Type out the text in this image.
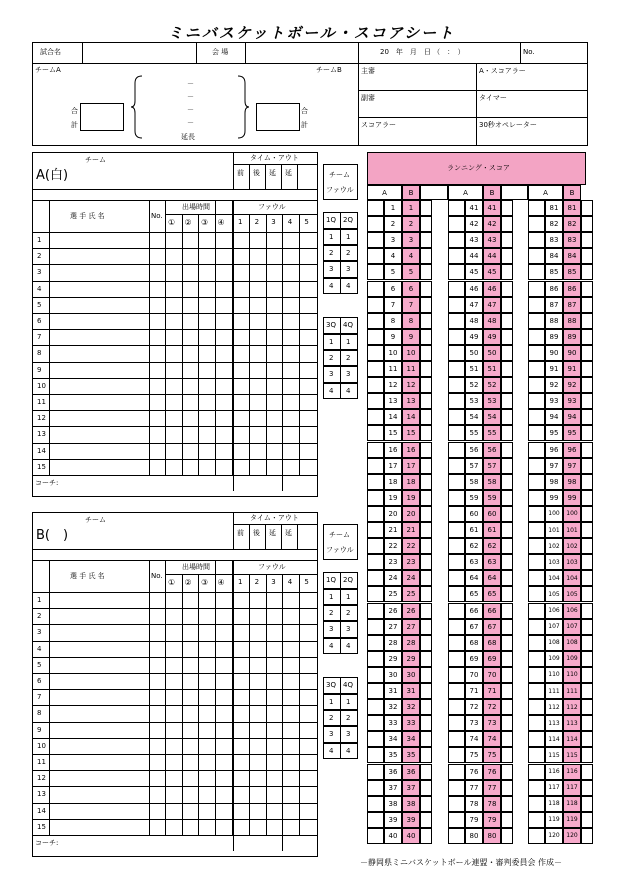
ミニバスケットボール・スコアシート
試合名	会 場	20　年　月　日 （　：　）	No.
チームA	チームB
合
計
合
計
－
－
－
－
延長
主審
副審
スコアラー
A・スコアラー
タイマー
30秒オペレーター
チーム
A(白)
タイム・アウト
前 後 延 延
選 手 氏 名	No.
出場時間	ファウル
① ② ③ ④ 1 2 3 4 5
1
2
3
4
5
6
7
8
9
10
11
12
13
14
15
コーチ:
チーム
B(　)
タイム・アウト
前 後 延 延
選 手 氏 名	No.
出場時間	ファウル
① ② ③ ④ 1 2 3 4 5
1
2
3
4
5
6
7
8
9
10
11
12
13
14
15
コーチ:
チーム
ファウル
1Q 2Q
1 1
2 2
3 3
4 4
3Q 4Q
1 1
2 2
3 3
4 4
チーム
ファウル
1Q 2Q
1 1
2 2
3 3
4 4
3Q 4Q
1 1
2 2
3 3
4 4
ランニング・スコア
A	B
1	1
2	2
3	3
4	4
5	5
6	6
7	7
8	8
9	9
10	10
11	11
12	12
13	13
14	14
15	15
16	16
17	17
18	18
19	19
20	20
21	21
22	22
23	23
24	24
25	25
26	26
27	27
28	28
29	29
30	30
31	31
32	32
33	33
34	34
35	35
36	36
37	37
38	38
39	39
40	40
A	B
41	41
42	42
43	43
44	44
45	45
46	46
47	47
48	48
49	49
50	50
51	51
52	52
53	53
54	54
55	55
56	56
57	57
58	58
59	59
60	60
61	61
62	62
63	63
64	64
65	65
66	66
67	67
68	68
69	69
70	70
71	71
72	72
73	73
74	74
75	75
76	76
77	77
78	78
79	79
80	80
A	B
81	81
82	82
83	83
84	84
85	85
86	86
87	87
88	88
89	89
90	90
91	91
92	92
93	93
94	94
95	95
96	96
97	97
98	98
99	99
100	100
101	101
102	102
103	103
104	104
105	105
106	106
107	107
108	108
109	109
110	110
111	111
112	112
113	113
114	114
115	115
116	116
117	117
118	118
119	119
120	120
－静岡県ミニバスケットボール連盟・審判委員会 作成－
